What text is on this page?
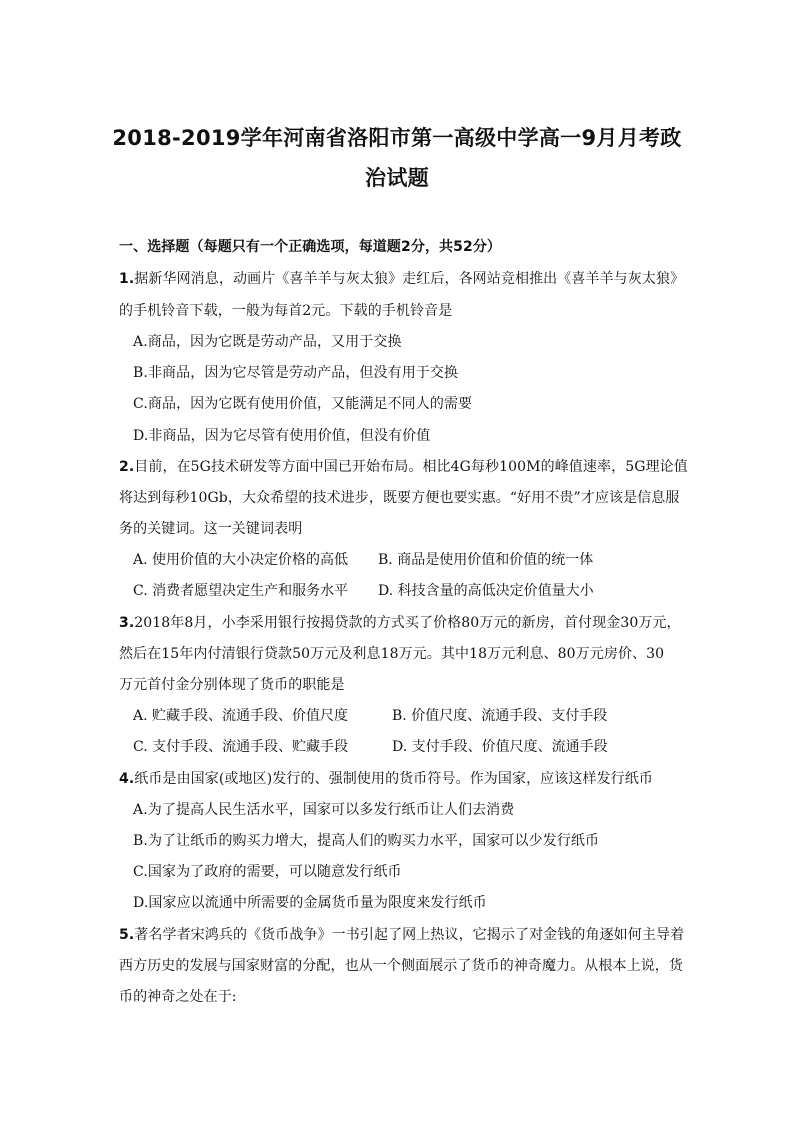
2018-2019学年河南省洛阳市第一高级中学高一9月月考政
治试题
一、选择题（每题只有一个正确选项，每道题2分，共52分）
1.据新华网消息，动画片《喜羊羊与灰太狼》走红后，各网站竞相推出《喜羊羊与灰太狼》
的手机铃音下载，一般为每首2元。下载的手机铃音是
A.商品，因为它既是劳动产品，又用于交换
B.非商品，因为它尽管是劳动产品，但没有用于交换
C.商品，因为它既有使用价值，又能满足不同人的需要
D.非商品，因为它尽管有使用价值，但没有价值
2.目前，在5G技术研发等方面中国已开始布局。相比4G每秒100M的峰值速率，5G理论值
将达到每秒10Gb，大众希望的技术进步，既要方便也要实惠。“好用不贵”才应该是信息服
务的关键词。这一关键词表明
A. 使用价值的大小决定价格的高低 B. 商品是使用价值和价值的统一体
C. 消费者愿望决定生产和服务水平 D. 科技含量的高低决定价值量大小
3.2018年8月，小李采用银行按揭贷款的方式买了价格80万元的新房，首付现金30万元，
然后在15年内付清银行贷款50万元及利息18万元。其中18万元利息、80万元房价、30
万元首付金分别体现了货币的职能是
A. 贮藏手段、流通手段、价值尺度	B. 价值尺度、流通手段、支付手段
C. 支付手段、流通手段、贮藏手段	D. 支付手段、价值尺度、流通手段
4.纸币是由国家(或地区)发行的、强制使用的货币符号。作为国家，应该这样发行纸币
A.为了提高人民生活水平，国家可以多发行纸币让人们去消费
B.为了让纸币的购买力增大，提高人们的购买力水平，国家可以少发行纸币
C.国家为了政府的需要，可以随意发行纸币
D.国家应以流通中所需要的金属货币量为限度来发行纸币
5.著名学者宋鸿兵的《货币战争》一书引起了网上热议，它揭示了对金钱的角逐如何主导着
西方历史的发展与国家财富的分配，也从一个侧面展示了货币的神奇魔力。从根本上说，货
币的神奇之处在于:
